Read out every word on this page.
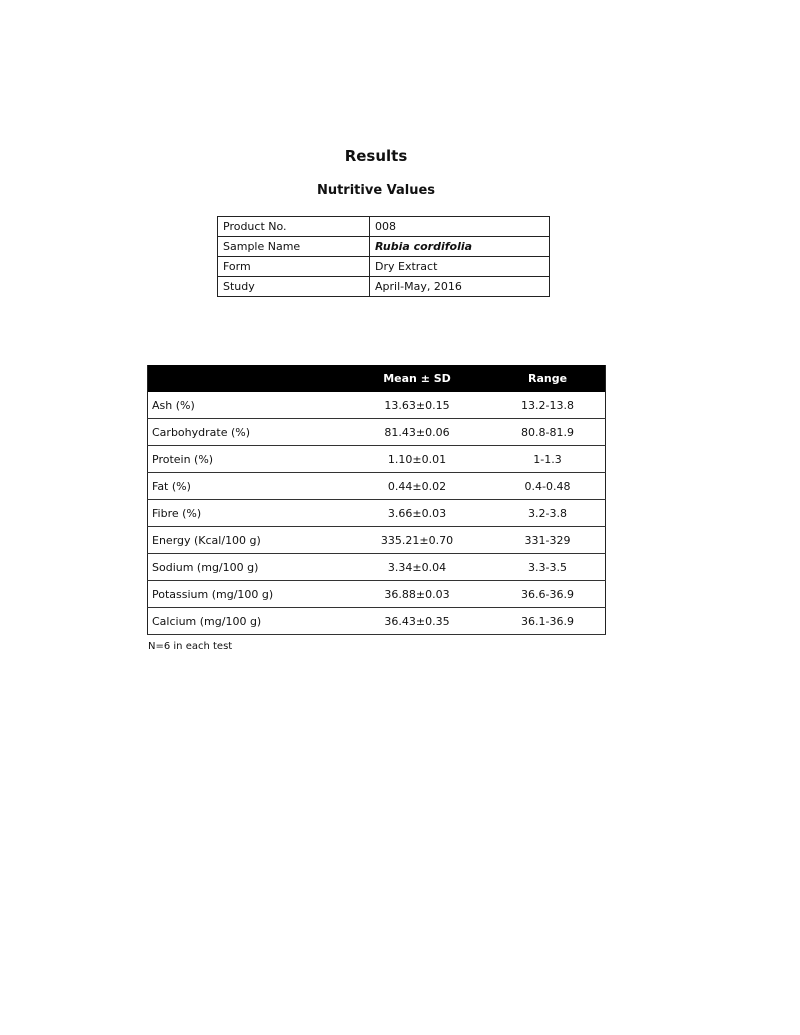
Results
Nutritive Values
Product No.	008
Sample Name	Rubia cordifolia
Form	Dry Extract
Study	April-May, 2016
	Mean ± SD	Range
Ash (%)	13.63±0.15	13.2-13.8
Carbohydrate (%)	81.43±0.06	80.8-81.9
Protein (%)	1.10±0.01	1-1.3
Fat (%)	0.44±0.02	0.4-0.48
Fibre (%)	3.66±0.03	3.2-3.8
Energy (Kcal/100 g)	335.21±0.70	331-329
Sodium (mg/100 g)	3.34±0.04	3.3-3.5
Potassium (mg/100 g)	36.88±0.03	36.6-36.9
Calcium (mg/100 g)	36.43±0.35	36.1-36.9
N=6 in each test
